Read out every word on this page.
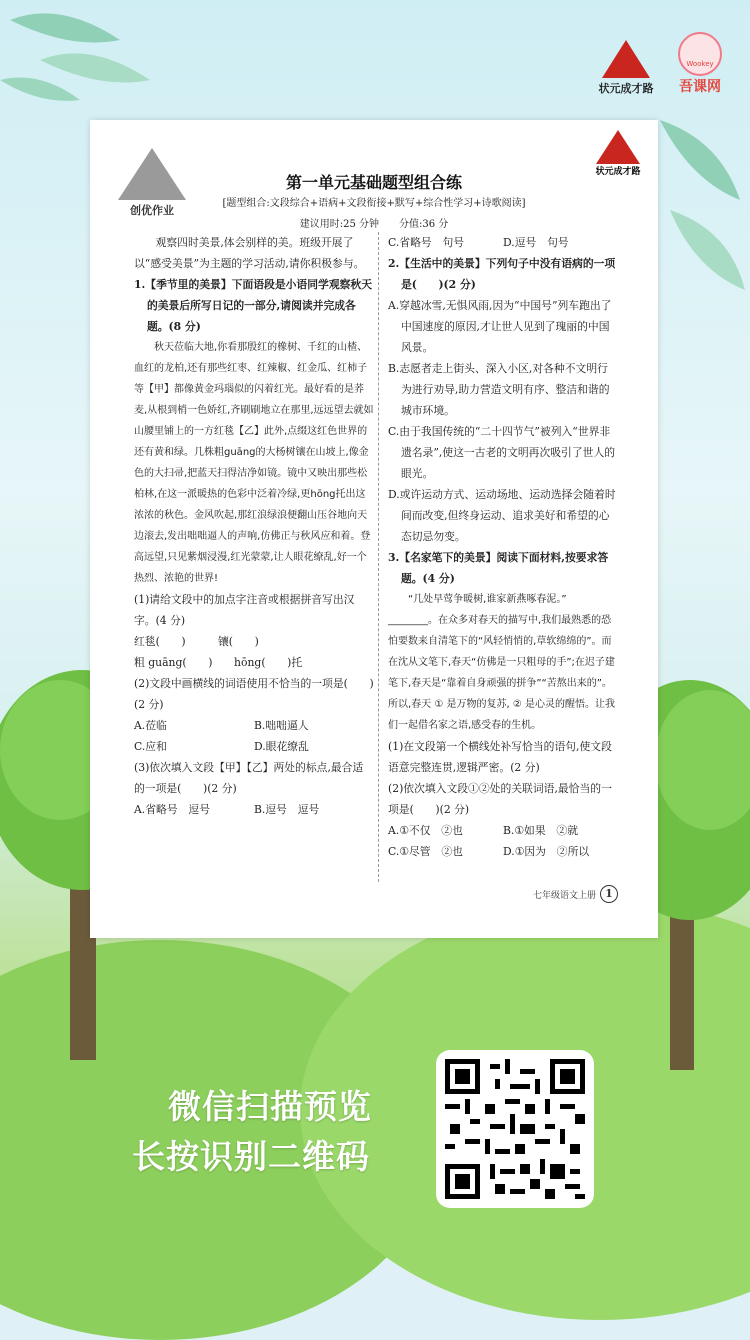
状元成才路
Wookey
吾课网
创优作业
状元成才路
第一单元基础题型组合练
[题型组合:文段综合+语病+文段衔接+默写+综合性学习+诗歌阅读]
建议用时:25 分钟　　分值:36 分

观察四时美景,体会别样的美。班级开展了以“感受美景”为主题的学习活动,请你积极参与。

1.【季节里的美景】下面语段是小语同学观察秋天的美景后所写日记的一部分,请阅读并完成各题。(8 分)

秋天莅临大地,你看那殷红的橡树、千红的山楂、血红的龙柏,还有那些红枣、红辣椒、红金瓜、红柿子等【甲】都像黄金玛瑙似的闪着红光。最好看的是荞麦,从根到梢一色娇红,齐刷刷地立在那里,远远望去就如山腰里铺上的一方红毯【乙】此外,点缀这红色世界的还有黄和绿。几株粗guāng的大杨树镶在山坡上,像金色的大扫帚,把蓝天扫得洁净如镜。镜中又映出那些松柏林,在这一派暖热的色彩中泛着冷绿,更hōng托出这浓浓的秋色。金风吹起,那红浪绿浪便翻山压谷地向天边滚去,发出咄咄逼人的声响,仿佛正与秋风应和着。登高远望,只见紫烟浸漫,红光蒙蒙,让人眼花缭乱,好一个热烈、浓艳的世界!

(1)请给文段中的加点字注音或根据拼音写出汉字。(4 分)

红毯(　　)　　　镶(　　)

粗 guāng(　　)　　hōng(　　)托

(2)文段中画横线的词语使用不恰当的一项是(　　)(2 分)

A.莅临	B.咄咄逼人
C.应和	D.眼花缭乱

(3)依次填入文段【甲】【乙】两处的标点,最合适的一项是(　　)(2 分)

A.省略号　逗号	B.逗号　逗号
C.省略号　句号	D.逗号　句号

2.【生活中的美景】下列句子中没有语病的一项是(　　)(2 分)

A.穿越冰雪,无惧风雨,因为“中国号”列车跑出了中国速度的原因,才让世人见到了瑰丽的中国风景。

B.志愿者走上街头、深入小区,对各种不文明行为进行劝导,助力营造文明有序、整洁和谐的城市环境。

C.由于我国传统的“二十四节气”被列入“世界非遗名录”,使这一古老的文明再次吸引了世人的眼光。

D.或许运动方式、运动场地、运动选择会随着时间而改变,但终身运动、追求美好和希望的心态切忌勿变。

3.【名家笔下的美景】阅读下面材料,按要求答题。(4 分)

“几处早莺争暖树,谁家新燕啄春泥。”

________。在众多对春天的描写中,我们最熟悉的恐怕要数来自清笔下的“风轻悄悄的,草软绵绵的”。而在沈从文笔下,春天“仿佛是一只粗母的手”;在迟子建笔下,春天是“靠着自身顽强的拼争”“苦熬出来的”。所以,春天 ① 是万物的复苏, ② 是心灵的醒悟。让我们一起借名家之语,感受春的生机。

(1)在文段第一个横线处补写恰当的语句,使文段语意完整连贯,逻辑严密。(2 分)

(2)依次填入文段①②处的关联词语,最恰当的一项是(　　)(2 分)

A.①不仅　②也	B.①如果　②就
C.①尽管　②也	D.①因为　②所以
七年级语文上册 1
微信扫描预览
长按识别二维码
